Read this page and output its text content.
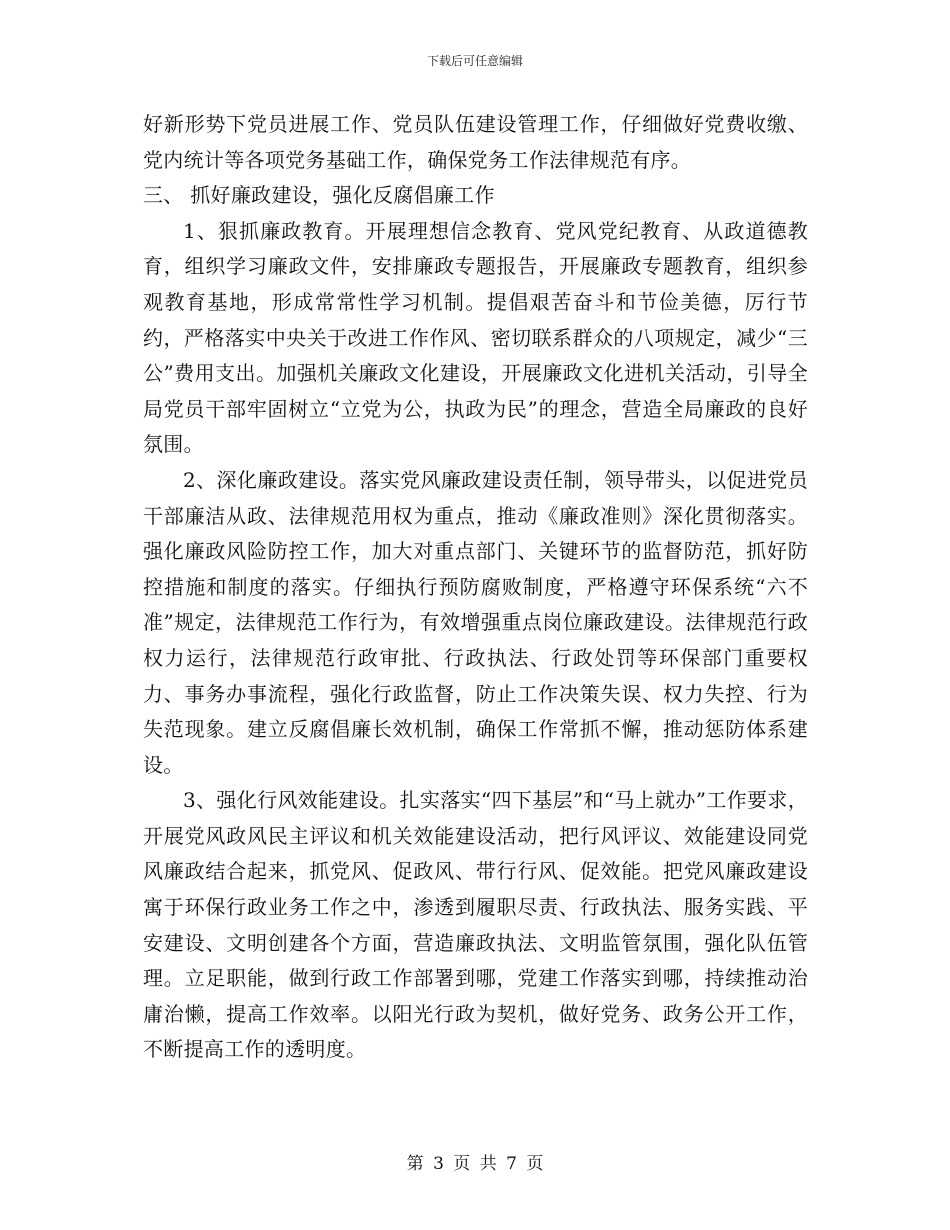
下载后可任意编辑

好新形势下党员进展工作、党员队伍建设管理工作，仔细做好党费收缴、党内统计等各项党务基础工作，确保党务工作法律规范有序。

三、 抓好廉政建设，强化反腐倡廉工作

1、狠抓廉政教育。开展理想信念教育、党风党纪教育、从政道德教育，组织学习廉政文件，安排廉政专题报告，开展廉政专题教育，组织参观教育基地，形成常常性学习机制。提倡艰苦奋斗和节俭美德，厉行节约，严格落实中央关于改进工作作风、密切联系群众的八项规定，减少“三公”费用支出。加强机关廉政文化建设，开展廉政文化进机关活动，引导全局党员干部牢固树立“立党为公，执政为民”的理念，营造全局廉政的良好氛围。

2、深化廉政建设。落实党风廉政建设责任制，领导带头，以促进党员干部廉洁从政、法律规范用权为重点，推动《廉政准则》深化贯彻落实。强化廉政风险防控工作，加大对重点部门、关键环节的监督防范，抓好防控措施和制度的落实。仔细执行预防腐败制度，严格遵守环保系统“六不准”规定，法律规范工作行为，有效增强重点岗位廉政建设。法律规范行政权力运行，法律规范行政审批、行政执法、行政处罚等环保部门重要权力、事务办事流程，强化行政监督，防止工作决策失误、权力失控、行为失范现象。建立反腐倡廉长效机制，确保工作常抓不懈，推动惩防体系建设。

3、强化行风效能建设。扎实落实“四下基层”和“马上就办”工作要求，开展党风政风民主评议和机关效能建设活动，把行风评议、效能建设同党风廉政结合起来，抓党风、促政风、带行行风、促效能。把党风廉政建设寓于环保行政业务工作之中，渗透到履职尽责、行政执法、服务实践、平安建设、文明创建各个方面，营造廉政执法、文明监管氛围，强化队伍管理。立足职能，做到行政工作部署到哪，党建工作落实到哪，持续推动治庸治懒，提高工作效率。以阳光行政为契机，做好党务、政务公开工作，不断提高工作的透明度。

第 3 页 共 7 页
